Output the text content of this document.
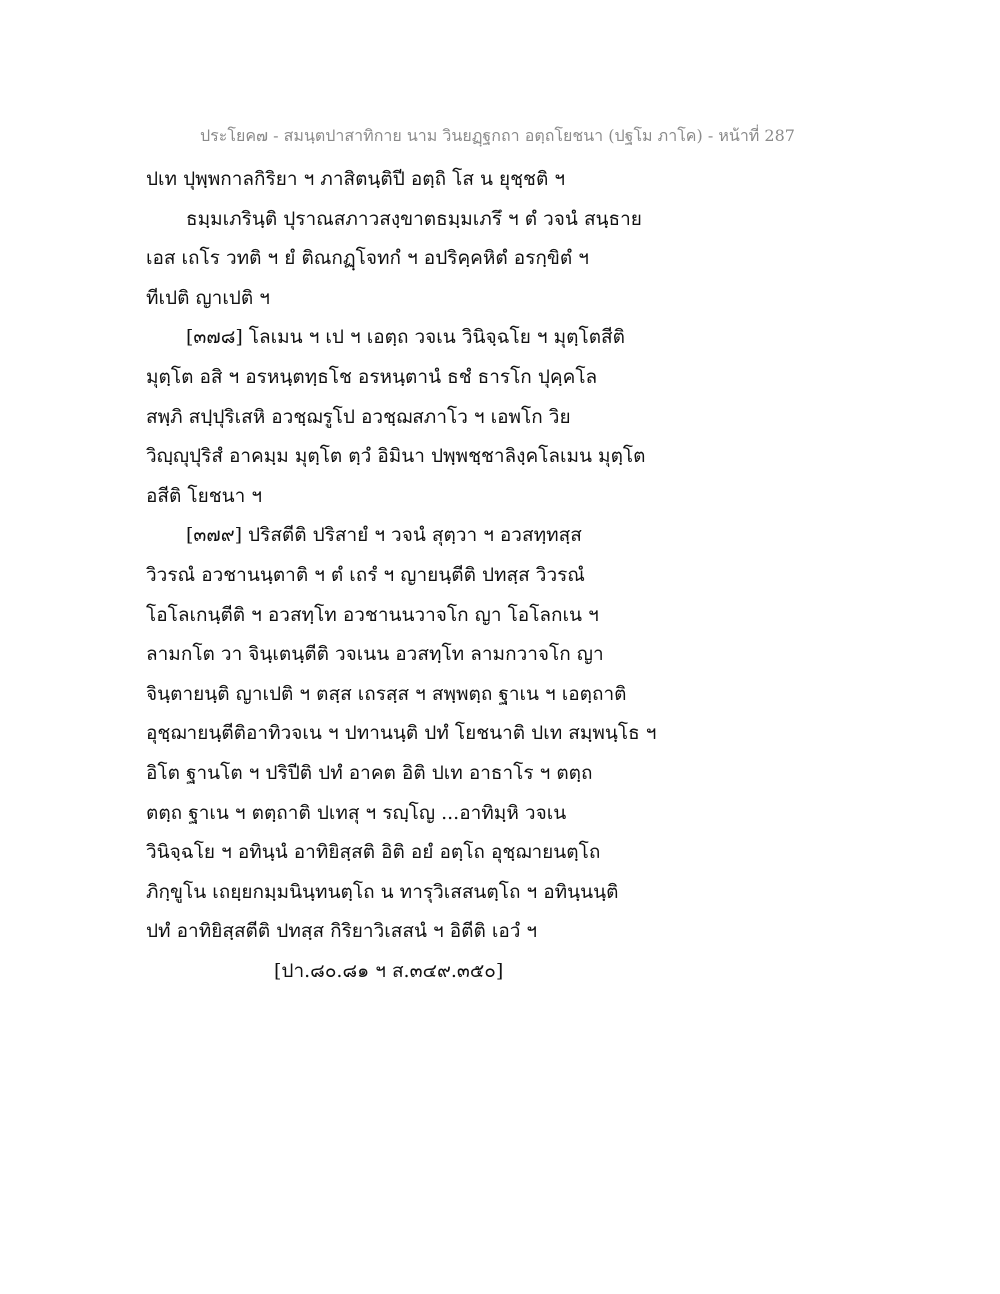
ประโยค๗ - สมนฺตปาสาทิกาย นาม วินยฏฺฐกถา อตฺถโยชนา (ปฐโม ภาโค) - หน้าที่ 287
ปเท ปุพฺพกาลกิริยา ฯ ภาสิตนฺติปี อตฺถิ โส น ยุชฺชติ ฯ
ธมฺมเภรินฺติ ปุราณสภาวสงฺขาตธมฺมเภรึ ฯ ตํ วจนํ สนฺธาย
เอส เถโร วทติ ฯ ยํ ติณกฏฺโจทกํ ฯ อปริคฺคหิตํ อรกฺขิตํ ฯ
ทีเปติ ญาเปติ ฯ
[๓๗๘] โลเมน ฯ เป ฯ เอตฺถ วจเน วินิจฺฉโย ฯ มุตฺโตสีติ
มุตฺโต อสิ ฯ อรหนฺตทฺธโช อรหนฺตานํ ธชํ ธารโก ปุคฺคโล
สพฺภิ สปฺปุริเสหิ อวชฺฌรูโป อวชฺฌสภาโว ฯ เอพโก วิย
วิญฺญุปุริสํ อาคมฺม มุตฺโต ตฺวํ อิมินา ปพฺพชฺชาลิงฺคโลเมน มุตฺโต
อสีติ โยชนา ฯ
[๓๗๙] ปริสตีติ ปริสายํ ฯ วจนํ สุตฺวา ฯ อวสทฺทสฺส
วิวรณํ อวชานนฺตาติ ฯ ตํ เถรํ ฯ ญายนฺตีติ ปทสฺส วิวรณํ
โอโลเกนฺตีติ ฯ อวสทฺโท อวชานนวาจโก ญา โอโลกเน ฯ
ลามกโต วา จินฺเตนฺตีติ วจเนน อวสทฺโท ลามกวาจโก ญา
จินฺตายนฺติ ญาเปติ ฯ ตสฺส เถรสฺส ฯ สพฺพตฺถ ฐาเน ฯ เอตฺถาติ
อุชฺฌายนฺตีติอาทิวจเน ฯ ปทานนฺติ ปทํ โยชนาติ ปเท สมฺพนฺโธ ฯ
อิโต ฐานโต ฯ ปริปีติ ปทํ อาคต อิติ ปเท อาธาโร ฯ ตตฺถ
ตตฺถ ฐาเน ฯ ตตฺถาติ ปเทสุ ฯ รญฺโญ ...อาทิมฺหิ วจเน
วินิจฺฉโย ฯ อทินฺนํ อาทิยิสฺสติ อิติ อยํ อตฺโถ อุชฺฌายนตฺโถ
ภิกฺขูโน เถยฺยกมฺมนินฺทนตฺโถ น ทารุวิเสสนตฺโถ ฯ อทินฺนนฺติ
ปทํ อาทิยิสฺสตีติ ปทสฺส กิริยาวิเสสนํ ฯ อิตีติ เอวํ ฯ
[ปา.๘๐.๘๑ ฯ ส.๓๔๙.๓๕๐]
